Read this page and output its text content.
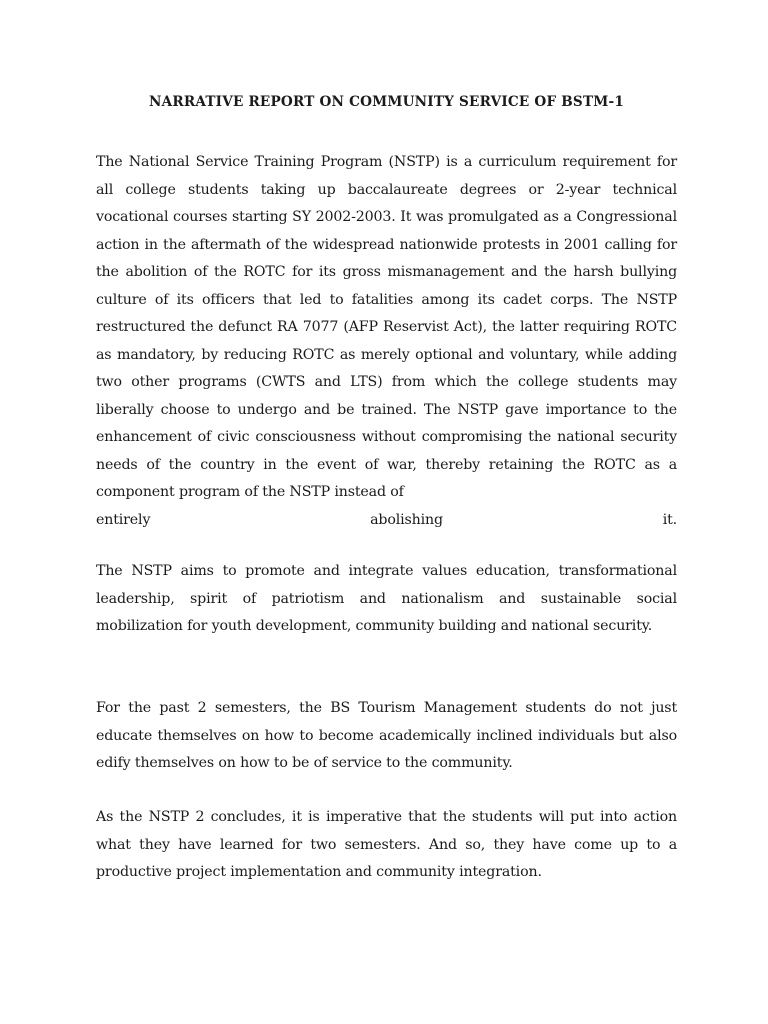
NARRATIVE REPORT ON COMMUNITY SERVICE OF BSTM-1

The National Service Training Program (NSTP) is a curriculum requirement for all college students taking up baccalaureate degrees or 2-year technical vocational courses starting SY 2002-2003. It was promulgated as a Congressional action in the aftermath of the widespread nationwide protests in 2001 calling for the abolition of the ROTC for its gross mismanagement and the harsh bullying culture of its officers that led to fatalities among its cadet corps. The NSTP restructured the defunct RA 7077 (AFP Reservist Act), the latter requiring ROTC as mandatory, by reducing ROTC as merely optional and voluntary, while adding two other programs (CWTS and LTS) from which the college students may liberally choose to undergo and be trained. The NSTP gave importance to the enhancement of civic consciousness without compromising the national security needs of the country in the event of war, thereby retaining the ROTC as a component program of the NSTP instead of
entirely abolishing it.

The NSTP aims to promote and integrate values education, transformational leadership, spirit of patriotism and nationalism and sustainable social mobilization for youth development, community building and national security.

For the past 2 semesters, the BS Tourism Management students do not just educate themselves on how to become academically inclined individuals but also edify themselves on how to be of service to the community.

As the NSTP 2 concludes, it is imperative that the students will put into action what they have learned for two semesters. And so, they have come up to a productive project implementation and community integration.
